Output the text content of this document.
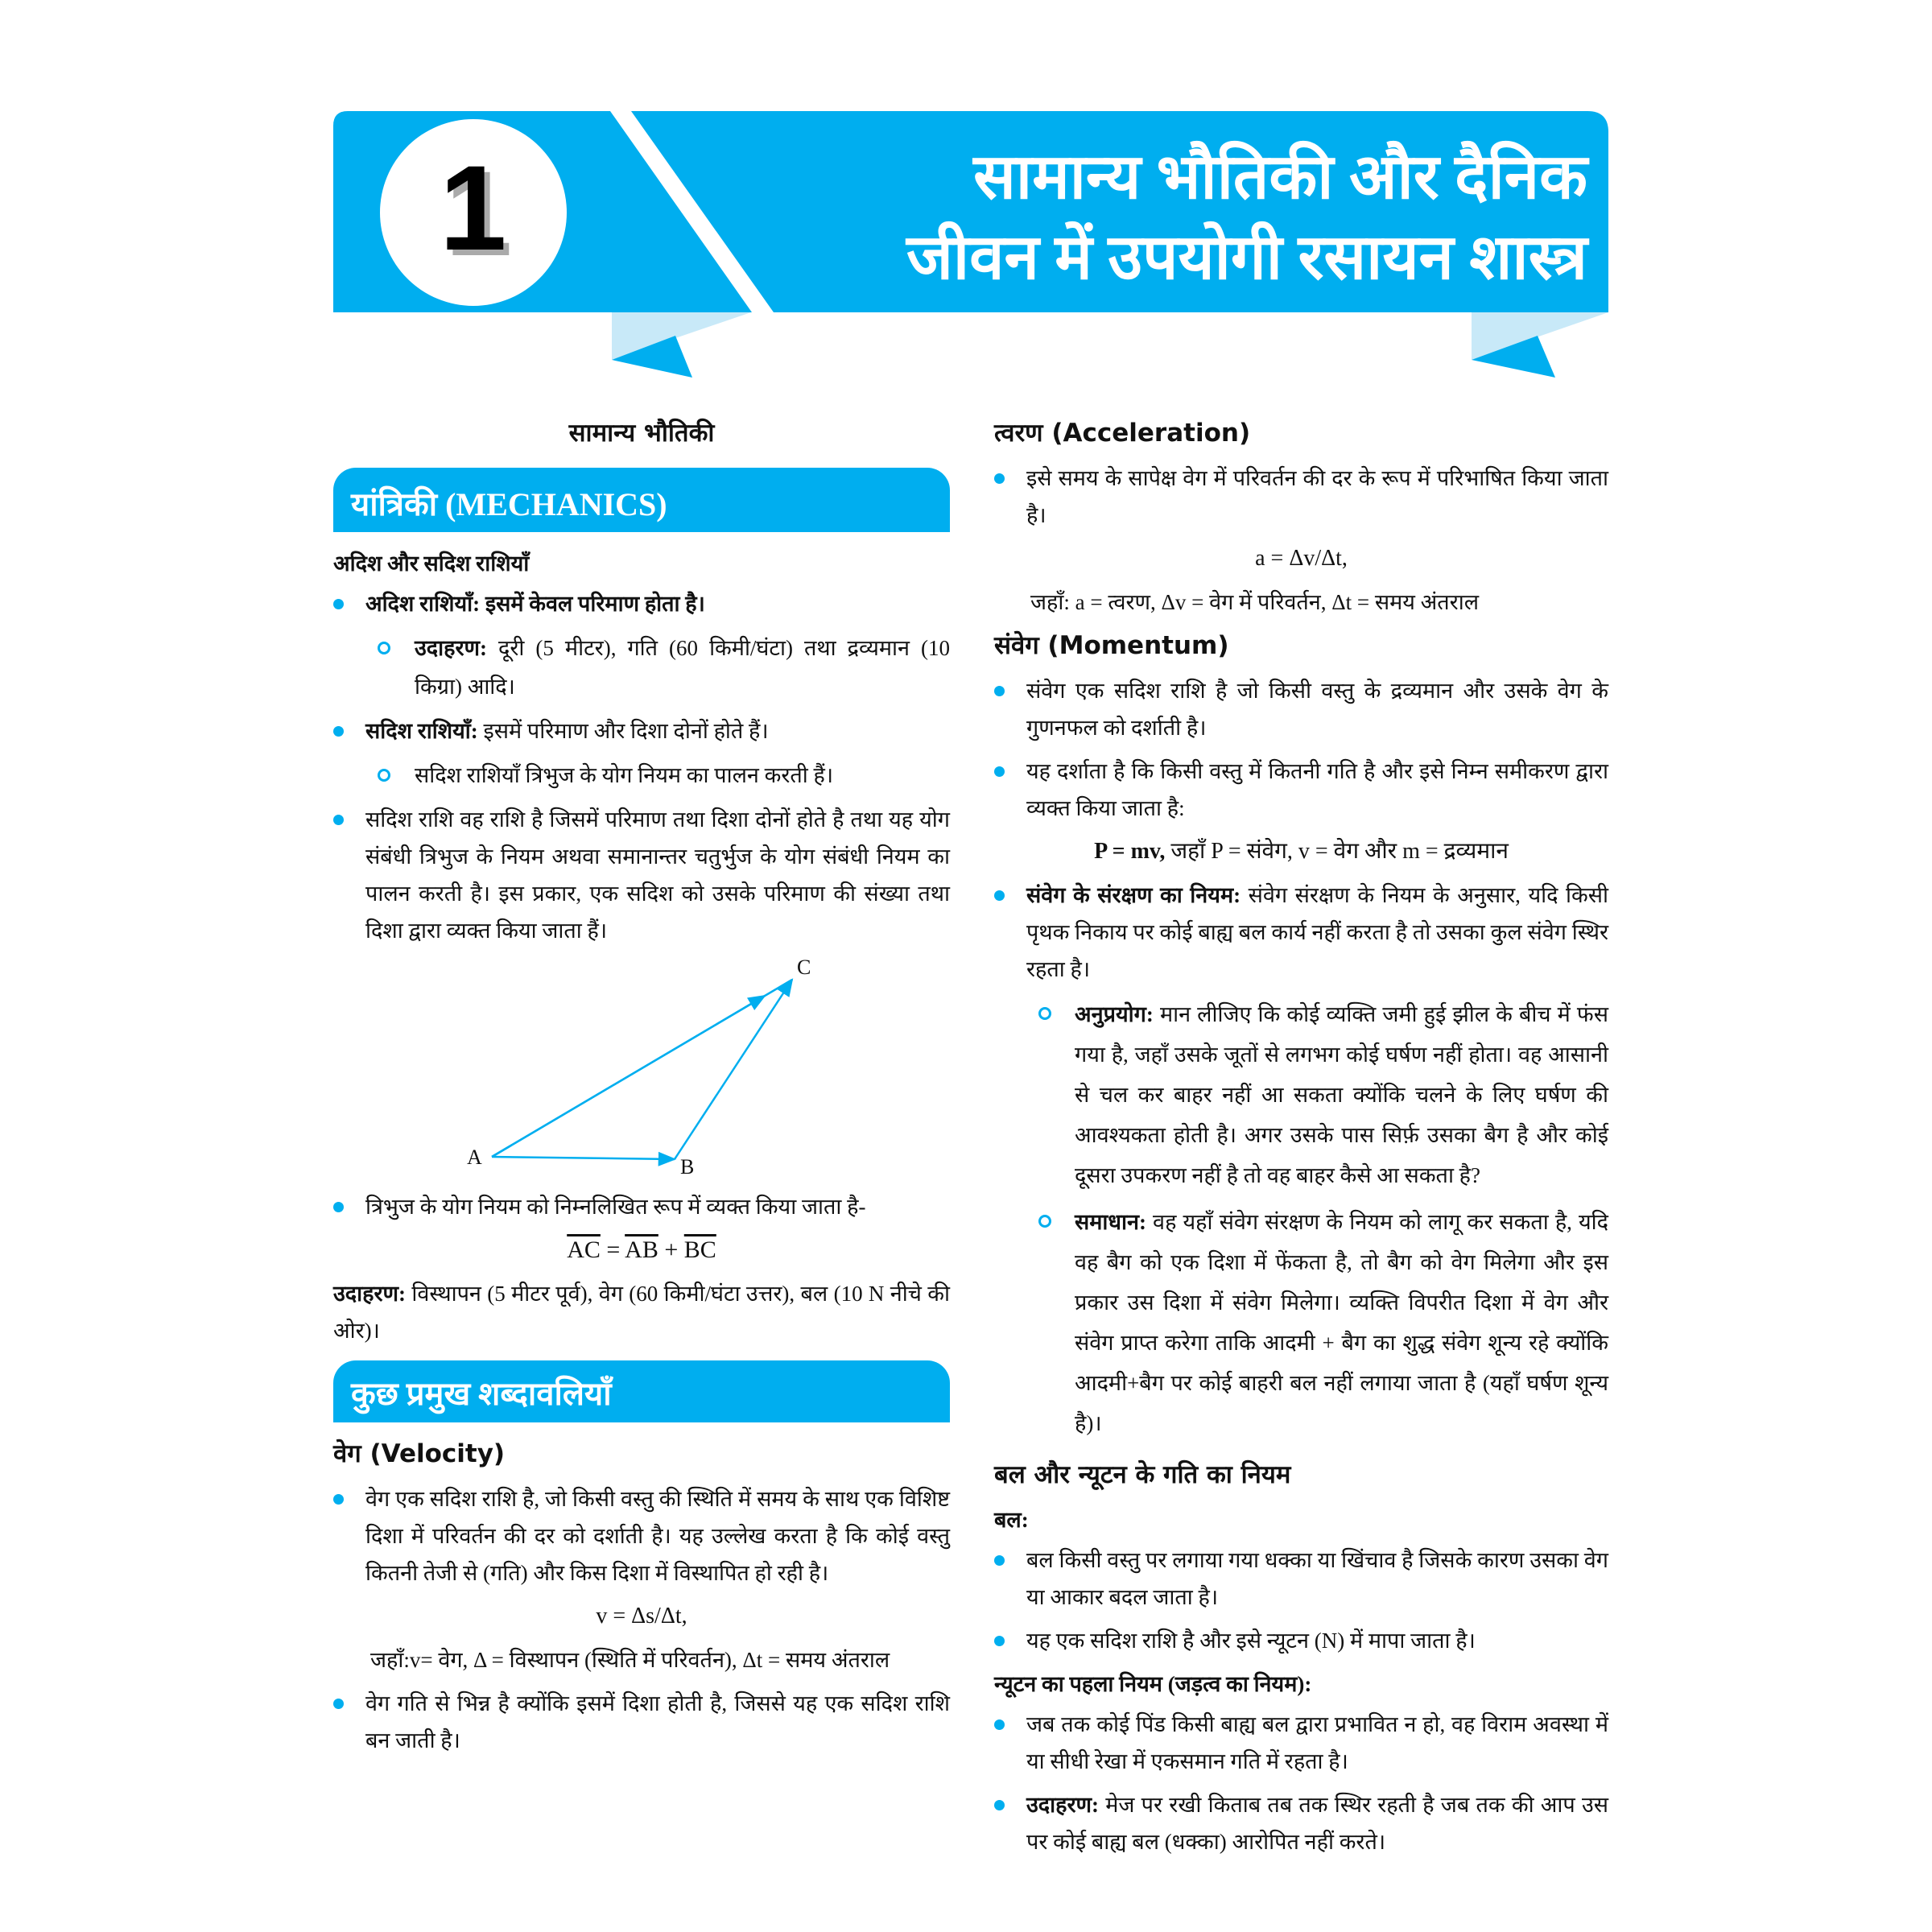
1	सामान्य भौतिकी और दैनिक
जीवन में उपयोगी रसायन शास्त्र
सामान्य भौतिकी
यांत्रिकी (MECHANICS)
अदिश और सदिश राशियाँ
अदिश राशियाँ: इसमें केवल परिमाण होता है।
उदाहरण: दूरी (5 मीटर), गति (60 किमी/घंटा) तथा द्रव्यमान (10 किग्रा) आदि।
सदिश राशियाँ: इसमें परिमाण और दिशा दोनों होते हैं।
सदिश राशियाँ त्रिभुज के योग नियम का पालन करती हैं।
सदिश राशि वह राशि है जिसमें परिमाण तथा दिशा दोनों होते है तथा यह योग संबंधी त्रिभुज के नियम अथवा समानान्तर चतुर्भुज के योग संबंधी नियम का पालन करती है। इस प्रकार, एक सदिश को उसके परिमाण की संख्या तथा दिशा द्वारा व्यक्त किया जाता हैं।
A	B
C
त्रिभुज के योग नियम को निम्नलिखित रूप में व्यक्त किया जाता है-
$\overline{AC} = \overline{AB} + \overline{BC}$
उदाहरण: विस्थापन (5 मीटर पूर्व), वेग (60 किमी/घंटा उत्तर), बल (10 N नीचे की ओर)।
कुछ प्रमुख शब्दावलियाँ
वेग (Velocity)
वेग एक सदिश राशि है, जो किसी वस्तु की स्थिति में समय के साथ एक विशिष्ट दिशा में परिवर्तन की दर को दर्शाती है। यह उल्लेख करता है कि कोई वस्तु कितनी तेजी से (गति) और किस दिशा में विस्थापित हो रही है।
v = Δs/Δt,
जहाँ:v= वेग, Δ = विस्थापन (स्थिति में परिवर्तन), Δt = समय अंतराल
वेग गति से भिन्न है क्योंकि इसमें दिशा होती है, जिससे यह एक सदिश राशि बन जाती है।
त्वरण (Acceleration)
इसे समय के सापेक्ष वेग में परिवर्तन की दर के रूप में परिभाषित किया जाता है।
a = Δv/Δt,
जहाँ: a = त्वरण, Δv = वेग में परिवर्तन, Δt = समय अंतराल
संवेग (Momentum)
संवेग एक सदिश राशि है जो किसी वस्तु के द्रव्यमान और उसके वेग के गुणनफल को दर्शाती है।
यह दर्शाता है कि किसी वस्तु में कितनी गति है और इसे निम्न समीकरण द्वारा व्यक्त किया जाता है:
P = mv, जहाँ P = संवेग, v = वेग और m = द्रव्यमान
संवेग के संरक्षण का नियम: संवेग संरक्षण के नियम के अनुसार, यदि किसी पृथक निकाय पर कोई बाह्य बल कार्य नहीं करता है तो उसका कुल संवेग स्थिर रहता है।
अनुप्रयोग: मान लीजिए कि कोई व्यक्ति जमी हुई झील के बीच में फंस गया है, जहाँ उसके जूतों से लगभग कोई घर्षण नहीं होता। वह आसानी से चल कर बाहर नहीं आ सकता क्योंकि चलने के लिए घर्षण की आवश्यकता होती है। अगर उसके पास सिर्फ़ उसका बैग है और कोई दूसरा उपकरण नहीं है तो वह बाहर कैसे आ सकता है?
समाधान: वह यहाँ संवेग संरक्षण के नियम को लागू कर सकता है, यदि वह बैग को एक दिशा में फेंकता है, तो बैग को वेग मिलेगा और इस प्रकार उस दिशा में संवेग मिलेगा। व्यक्ति विपरीत दिशा में वेग और संवेग प्राप्त करेगा ताकि आदमी + बैग का शुद्ध संवेग शून्य रहे क्योंकि आदमी+बैग पर कोई बाहरी बल नहीं लगाया जाता है (यहाँ घर्षण शून्य है)।
बल और न्यूटन के गति का नियम
बल:
बल किसी वस्तु पर लगाया गया धक्का या खिंचाव है जिसके कारण उसका वेग या आकार बदल जाता है।
यह एक सदिश राशि है और इसे न्यूटन (N) में मापा जाता है।
न्यूटन का पहला नियम (जड़त्व का नियम):
जब तक कोई पिंड किसी बाह्य बल द्वारा प्रभावित न हो, वह विराम अवस्था में या सीधी रेखा में एकसमान गति में रहता है।
उदाहरण: मेज पर रखी किताब तब तक स्थिर रहती है जब तक की आप उस पर कोई बाह्य बल (धक्का) आरोपित नहीं करते।
